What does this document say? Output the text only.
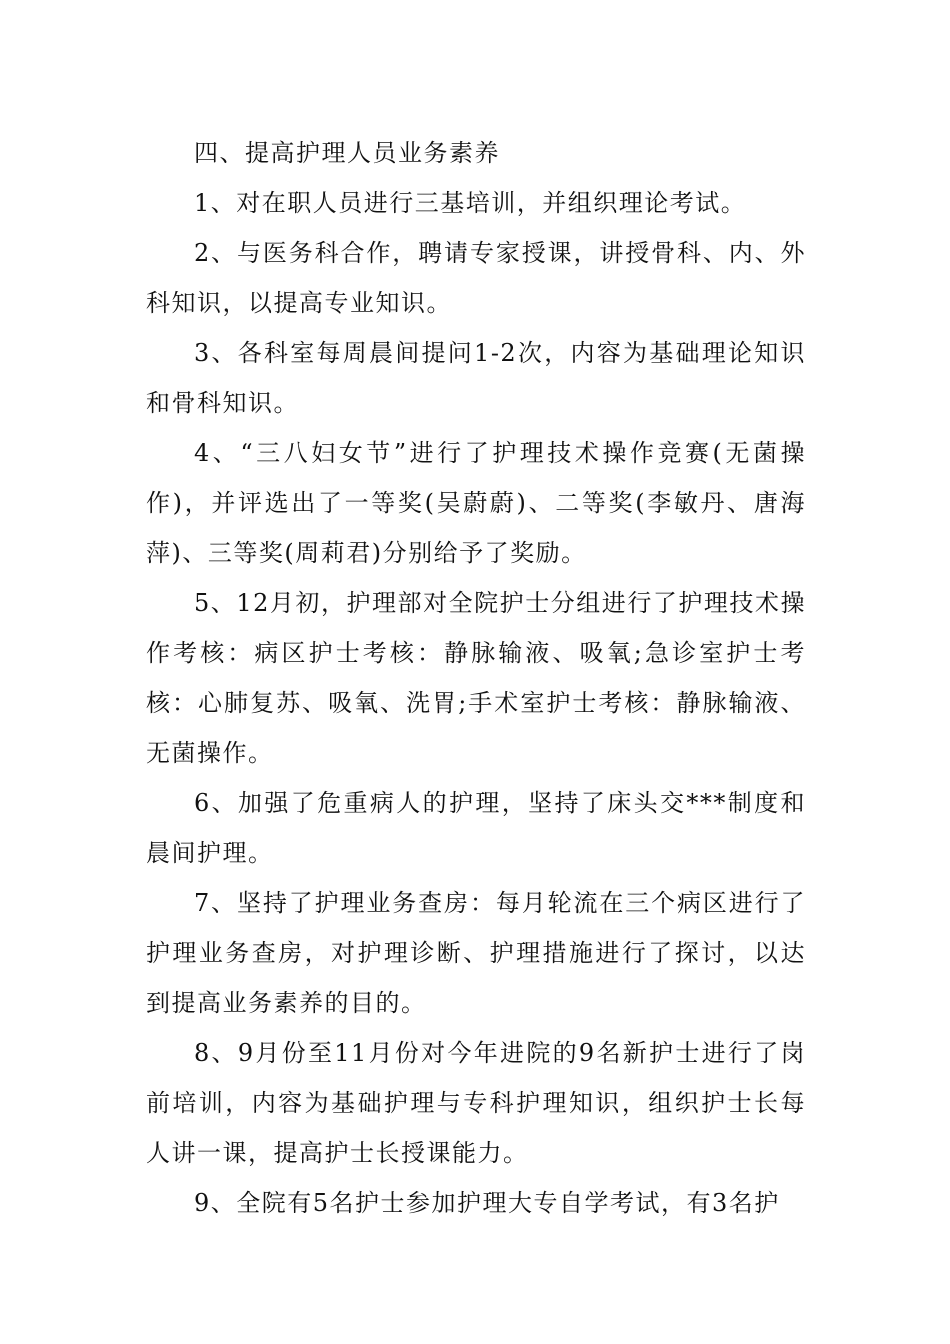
四、提高护理人员业务素养

1、对在职人员进行三基培训，并组织理论考试。

2、与医务科合作，聘请专家授课，讲授骨科、内、外科知识，以提高专业知识。

3、各科室每周晨间提问1-2次，内容为基础理论知识和骨科知识。

4、“三八妇女节”进行了护理技术操作竞赛(无菌操作)，并评选出了一等奖(吴蔚蔚)、二等奖(李敏丹、唐海萍)、三等奖(周莉君)分别给予了奖励。

5、12月初，护理部对全院护士分组进行了护理技术操作考核：病区护士考核：静脉输液、吸氧;急诊室护士考核：心肺复苏、吸氧、洗胃;手术室护士考核：静脉输液、无菌操作。

6、加强了危重病人的护理，坚持了床头交***制度和晨间护理。

7、坚持了护理业务查房：每月轮流在三个病区进行了护理业务查房，对护理诊断、护理措施进行了探讨，以达到提高业务素养的目的。

8、9月份至11月份对今年进院的9名新护士进行了岗前培训，内容为基础护理与专科护理知识，组织护士长每人讲一课，提高护士长授课能力。

9、全院有5名护士参加护理大专自学考试，有3名护
